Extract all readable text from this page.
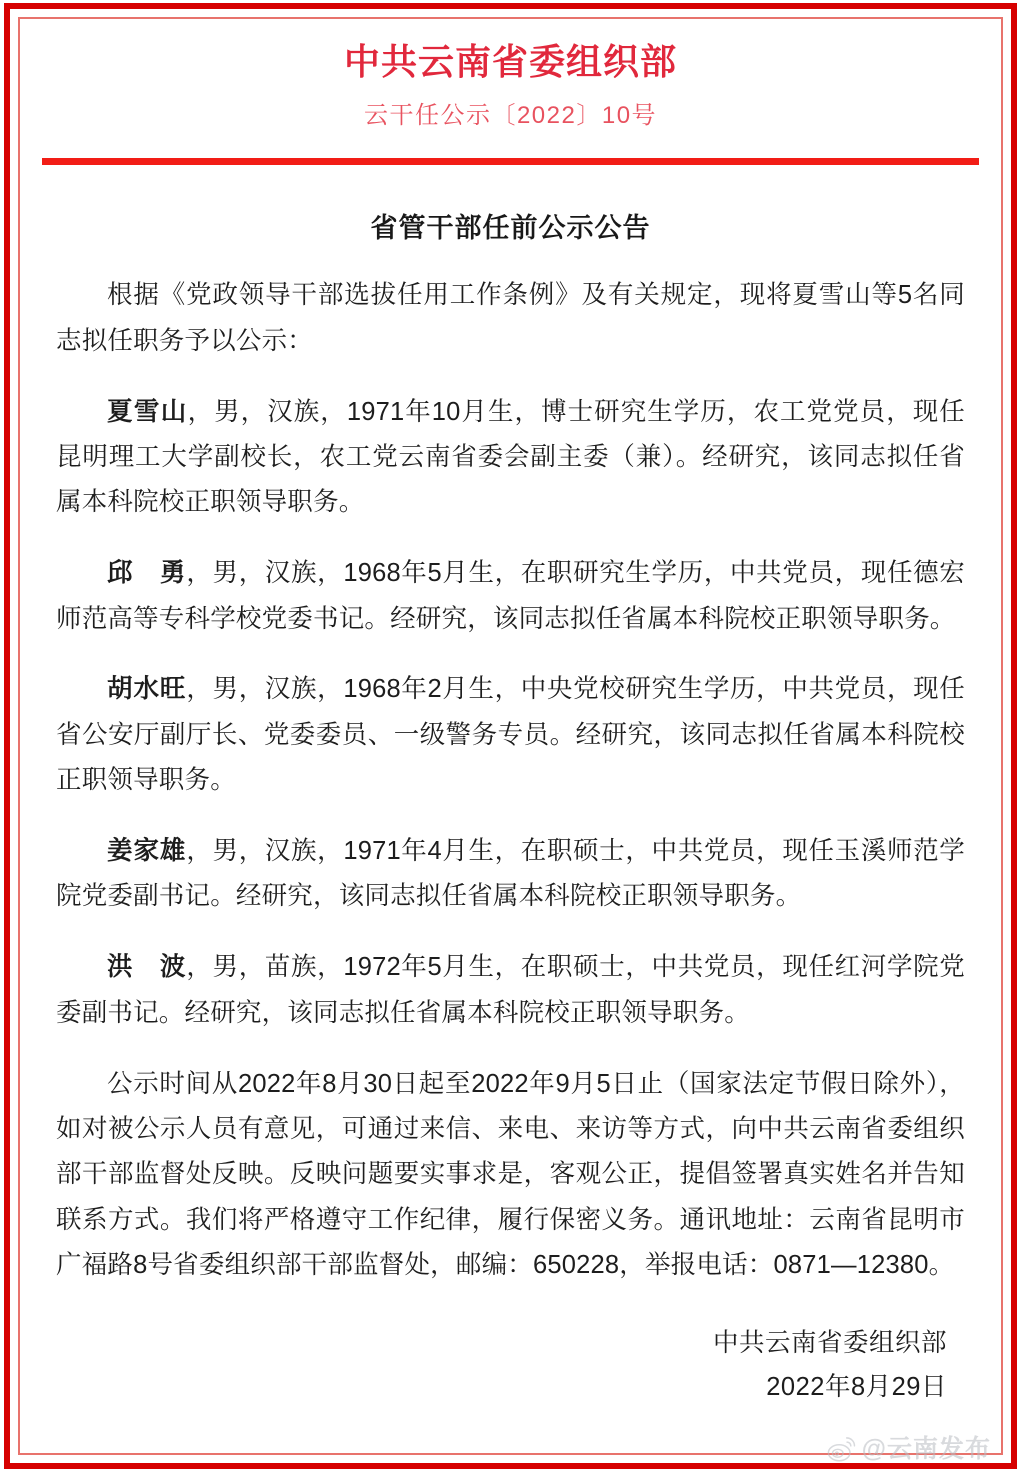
中共云南省委组织部
云干任公示〔2022〕10号
省管干部任前公示公告

根据《党政领导干部选拔任用工作条例》及有关规定，现将夏雪山等5名同志拟任职务予以公示：

夏雪山，男，汉族，1971年10月生，博士研究生学历，农工党党员，现任昆明理工大学副校长，农工党云南省委会副主委（兼）。经研究，该同志拟任省属本科院校正职领导职务。

邱　勇，男，汉族，1968年5月生，在职研究生学历，中共党员，现任德宏师范高等专科学校党委书记。经研究，该同志拟任省属本科院校正职领导职务。

胡水旺，男，汉族，1968年2月生，中央党校研究生学历，中共党员，现任省公安厅副厅长、党委委员、一级警务专员。经研究，该同志拟任省属本科院校正职领导职务。

姜家雄，男，汉族，1971年4月生，在职硕士，中共党员，现任玉溪师范学院党委副书记。经研究，该同志拟任省属本科院校正职领导职务。

洪　波，男，苗族，1972年5月生，在职硕士，中共党员，现任红河学院党委副书记。经研究，该同志拟任省属本科院校正职领导职务。

公示时间从2022年8月30日起至2022年9月5日止（国家法定节假日除外），如对被公示人员有意见，可通过来信、来电、来访等方式，向中共云南省委组织部干部监督处反映。反映问题要实事求是，客观公正，提倡签署真实姓名并告知联系方式。我们将严格遵守工作纪律，履行保密义务。通讯地址：云南省昆明市广福路8号省委组织部干部监督处，邮编：650228，举报电话：0871—12380。

中共云南省委组织部
2022年8月29日
@云南发布
